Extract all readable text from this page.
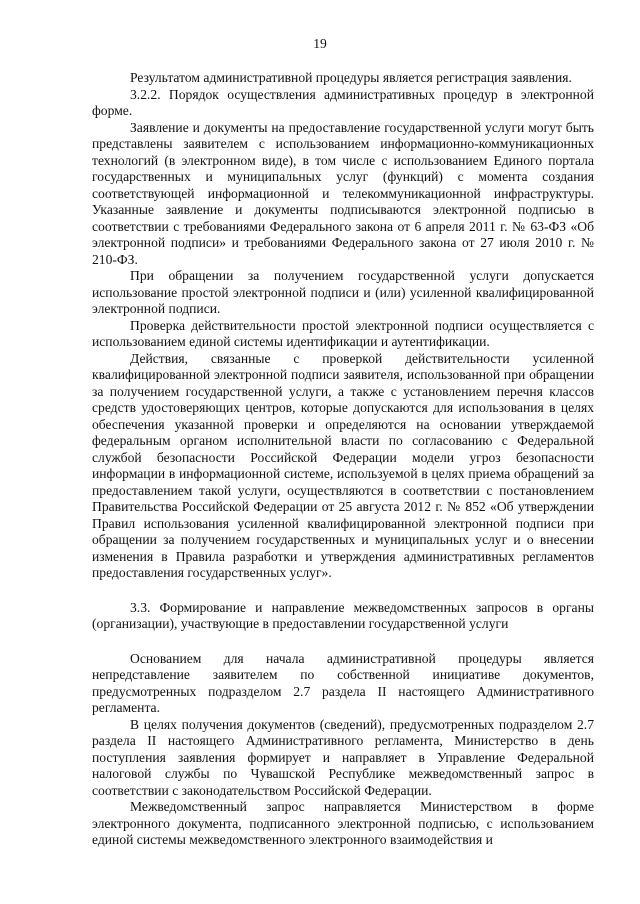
19

Результатом административной процедуры является регистрация заявления.

3.2.2. Порядок осуществления административных процедур в электронной форме.

Заявление и документы на предоставление государственной услуги могут быть представлены заявителем с использованием информационно-коммуникационных технологий (в электронном виде), в том числе с использованием Единого портала государственных и муниципальных услуг (функций) с момента создания соответствующей информационной и телекоммуникационной инфраструктуры. Указанные заявление и документы подписываются электронной подписью в соответствии с требованиями Федерального закона от 6 апреля 2011 г. № 63-ФЗ «Об электронной подписи» и требованиями Федерального закона от 27 июля 2010 г. № 210-ФЗ.

При обращении за получением государственной услуги допускается использование простой электронной подписи и (или) усиленной квалифицированной электронной подписи.

Проверка действительности простой электронной подписи осуществляется с использованием единой системы идентификации и аутентификации.

Действия, связанные с проверкой действительности усиленной квалифицированной электронной подписи заявителя, использованной при обращении за получением государственной услуги, а также с установлением перечня классов средств удостоверяющих центров, которые допускаются для использования в целях обеспечения указанной проверки и определяются на основании утверждаемой федеральным органом исполнительной власти по согласованию с Федеральной службой безопасности Российской Федерации модели угроз безопасности информации в информационной системе, используемой в целях приема обращений за предоставлением такой услуги, осуществляются в соответствии с постановлением Правительства Российской Федерации от 25 августа 2012 г. № 852 «Об утверждении Правил использования усиленной квалифицированной электронной подписи при обращении за получением государственных и муниципальных услуг и о внесении изменения в Правила разработки и утверждения административных регламентов предоставления государственных услуг».

3.3. Формирование и направление межведомственных запросов в органы (организации), участвующие в предоставлении государственной услуги

Основанием для начала административной процедуры является непредставление заявителем по собственной инициативе документов, предусмотренных подразделом 2.7 раздела II настоящего Административного регламента.

В целях получения документов (сведений), предусмотренных подразделом 2.7 раздела II настоящего Административного регламента, Министерство в день поступления заявления формирует и направляет в Управление Федеральной налоговой службы по Чувашской Республике межведомственный запрос в соответствии с законодательством Российской Федерации.

Межведомственный запрос направляется Министерством в форме электронного документа, подписанного электронной подписью, с использованием единой системы межведомственного электронного взаимодействия и
